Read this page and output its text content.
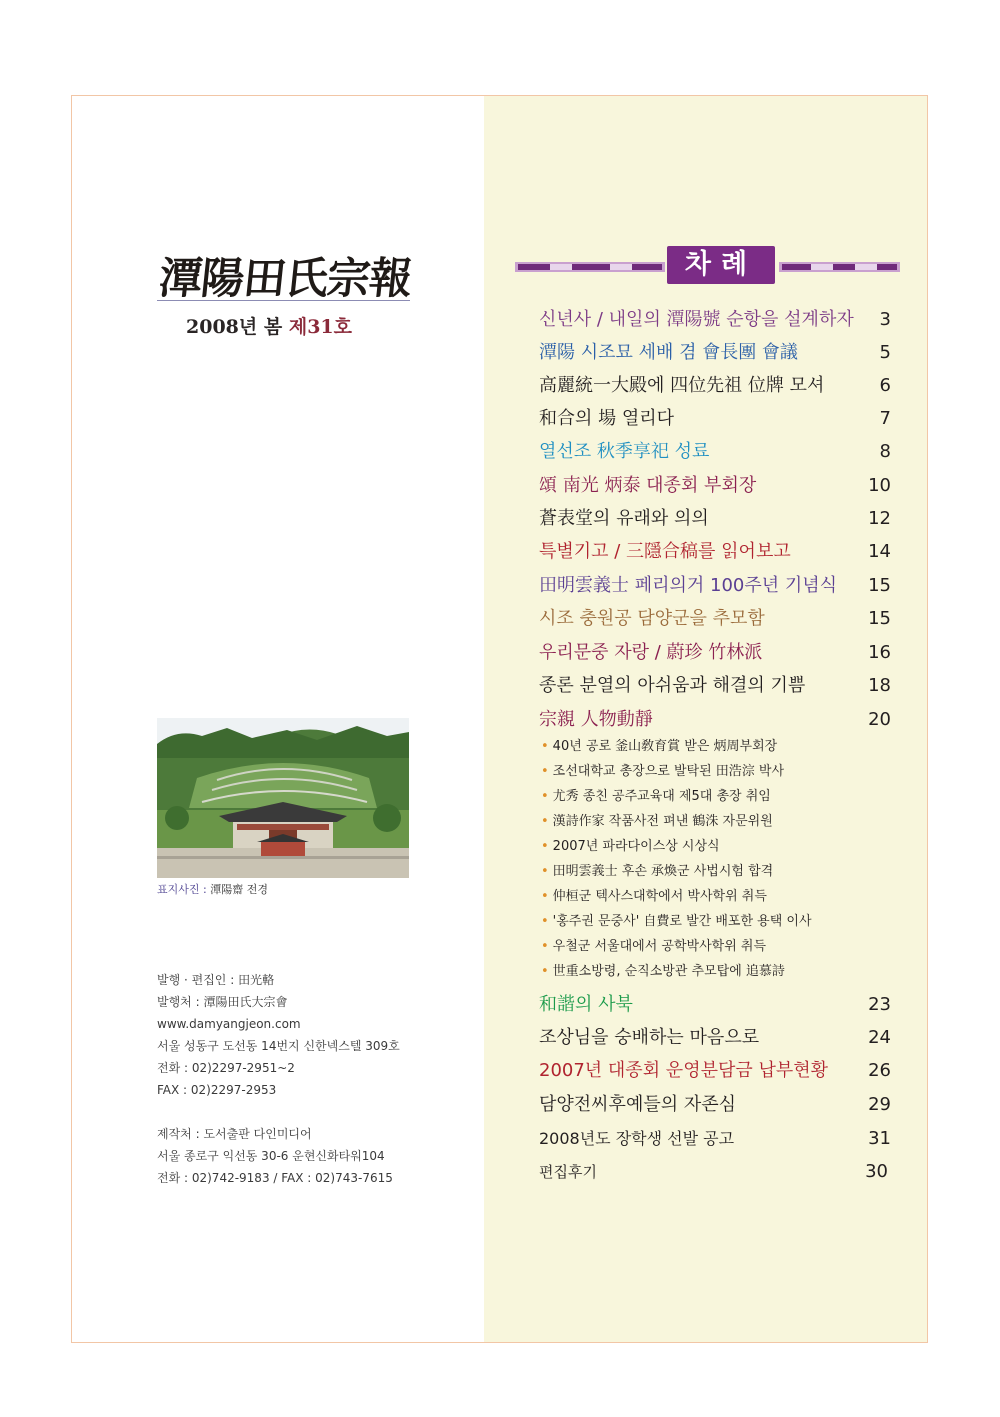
潭陽田氏宗報
2008년 봄 제31호
표지사진 : 潭陽齋 전경
발행 · 편집인 : 田光輅
발행처 : 潭陽田氏大宗會
www.damyangjeon.com
서울 성동구 도선동 14번지 신한넥스텔 309호
전화 : 02)2297-2951~2
FAX : 02)2297-2953
제작처 : 도서출판 다인미디어
서울 종로구 익선동 30-6 운현신화타워104
전화 : 02)742-9183 / FAX : 02)743-7615
차례
신년사 / 내일의 潭陽號 순항을 설계하자 3
潭陽 시조묘 세배 겸 會長團 會議	5
高麗統一大殿에 四位先祖 位牌 모셔	6
和合의 場 열리다	7
열선조 秋季享祀 성료	8
頌 南光 炳泰 대종회 부회장	10
蒼表堂의 유래와 의의	12
특별기고 / 三隱合稿를 읽어보고	14
田明雲義士 페리의거 100주년 기념식 15
시조 충원공 담양군을 추모함	15
우리문중 자랑 / 蔚珍 竹林派	16
종론 분열의 아쉬움과 해결의 기쁨	18
宗親 人物動靜	20
• 40년 공로 釜山敎育賞 받은 炳周부회장
• 조선대학교 총장으로 발탁된 田浩淙 박사
• 尤秀 종친 공주교육대 제5대 총장 취임
• 漢詩作家 작품사전 펴낸 鶴洙 자문위원
• 2007년 파라다이스상 시상식
• 田明雲義士 후손 承煥군 사법시험 합격
• 仲桓군 텍사스대학에서 박사학위 취득
• '홍주권 문중사' 自費로 발간 배포한 용택 이사
• 우철군 서울대에서 공학박사학위 취득
• 世重소방령, 순직소방관 추모탑에 追慕詩
和諧의 사북	23
조상님을 숭배하는 마음으로	24
2007년 대종회 운영분담금 납부현황 26
담양전씨후예들의 자존심	29
2008년도 장학생 선발 공고	31
편집후기	30
